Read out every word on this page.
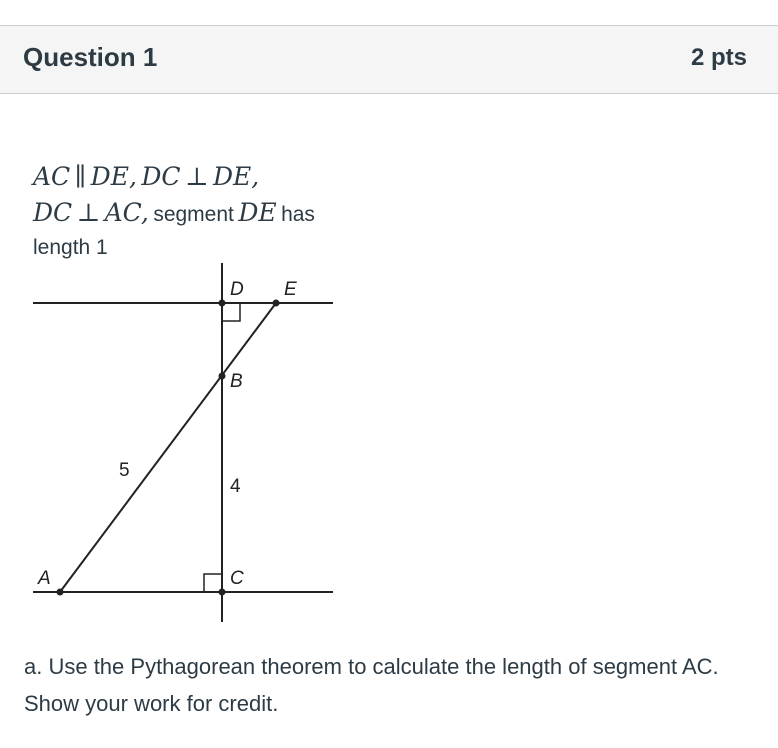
Question 1	2 pts
AC ∥ DE, DC ⊥ DE,
DC ⊥ AC, segment DE has
length 1
D E
B
A	C
5
4
a. Use the Pythagorean theorem to calculate the length of segment AC. Show your work for credit.
